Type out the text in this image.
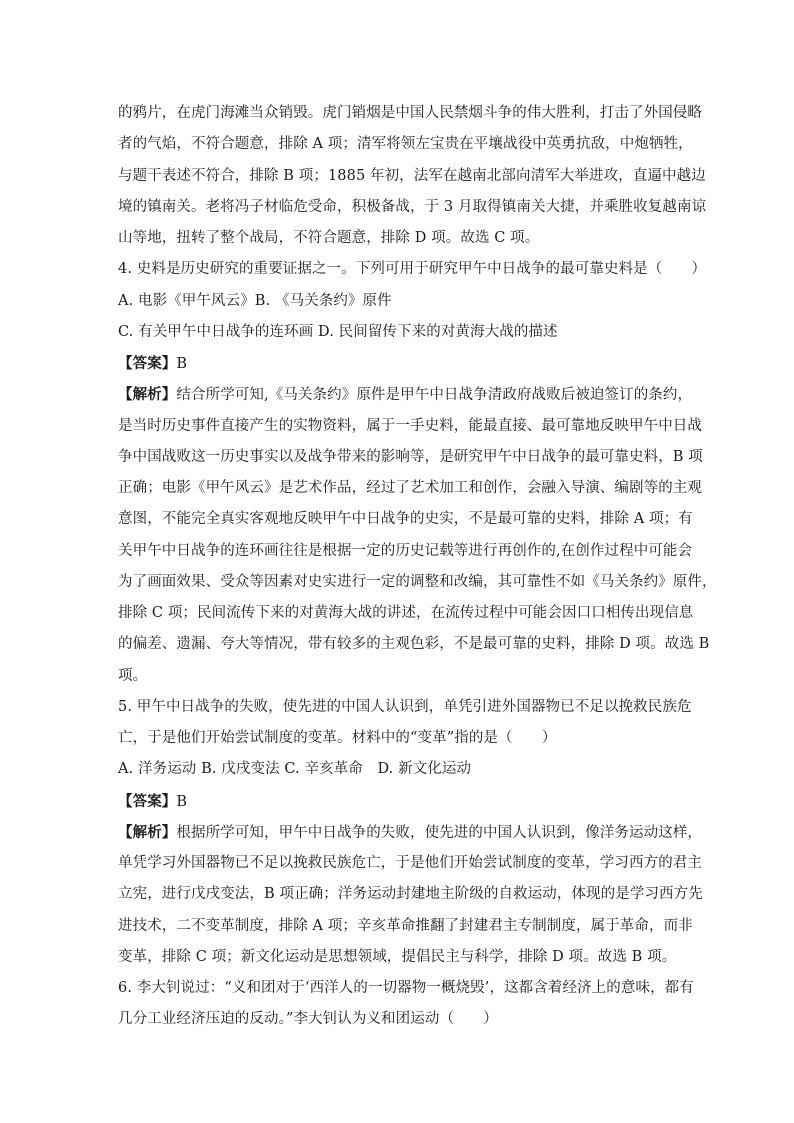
的鸦片，在虎门海滩当众销毁。虎门销烟是中国人民禁烟斗争的伟大胜利，打击了外国侵略
者的气焰，不符合题意，排除 A 项；清军将领左宝贵在平壤战役中英勇抗敌，中炮牺牲，
与题干表述不符合，排除 B 项；1885 年初，法军在越南北部向清军大举进攻，直逼中越边
境的镇南关。老将冯子材临危受命，积极备战，于 3 月取得镇南关大捷，并乘胜收复越南谅
山等地，扭转了整个战局，不符合题意，排除 D 项。故选 C 项。
4. 史料是历史研究的重要证据之一。下列可用于研究甲午中日战争的最可靠史料是（　　）
A. 电影《甲午风云》B. 《马关条约》原件
C. 有关甲午中日战争的连环画 D. 民间留传下来的对黄海大战的描述
【答案】B
【解析】结合所学可知,《马关条约》原件是甲午中日战争清政府战败后被迫签订的条约，
是当时历史事件直接产生的实物资料，属于一手史料，能最直接、最可靠地反映甲午中日战
争中国战败这一历史事实以及战争带来的影响等，是研究甲午中日战争的最可靠史料，B 项
正确；电影《甲午风云》是艺术作品，经过了艺术加工和创作，会融入导演、编剧等的主观
意图，不能完全真实客观地反映甲午中日战争的史实，不是最可靠的史料，排除 A 项；有
关甲午中日战争的连环画往往是根据一定的历史记载等进行再创作的,在创作过程中可能会
为了画面效果、受众等因素对史实进行一定的调整和改编，其可靠性不如《马关条约》原件，
排除 C 项；民间流传下来的对黄海大战的讲述，在流传过程中可能会因口口相传出现信息
的偏差、遗漏、夸大等情况，带有较多的主观色彩，不是最可靠的史料，排除 D 项。故选 B
项。
5. 甲午中日战争的失败，使先进的中国人认识到，单凭引进外国器物已不足以挽救民族危
亡，于是他们开始尝试制度的变革。材料中的“变革”指的是（　　）
A. 洋务运动 B. 戊戌变法 C. 辛亥革命　D. 新文化运动
【答案】B
【解析】根据所学可知，甲午中日战争的失败，使先进的中国人认识到，像洋务运动这样，
单凭学习外国器物已不足以挽救民族危亡，于是他们开始尝试制度的变革，学习西方的君主
立宪，进行戊戌变法，B 项正确；洋务运动封建地主阶级的自救运动，体现的是学习西方先
进技术，二不变革制度，排除 A 项；辛亥革命推翻了封建君主专制制度，属于革命，而非
变革，排除 C 项；新文化运动是思想领域，提倡民主与科学，排除 D 项。故选 B 项。
6. 李大钊说过：“义和团对于‘西洋人的一切器物一概烧毁’，这都含着经济上的意味，都有
几分工业经济压迫的反动。”李大钊认为义和团运动（　　）
